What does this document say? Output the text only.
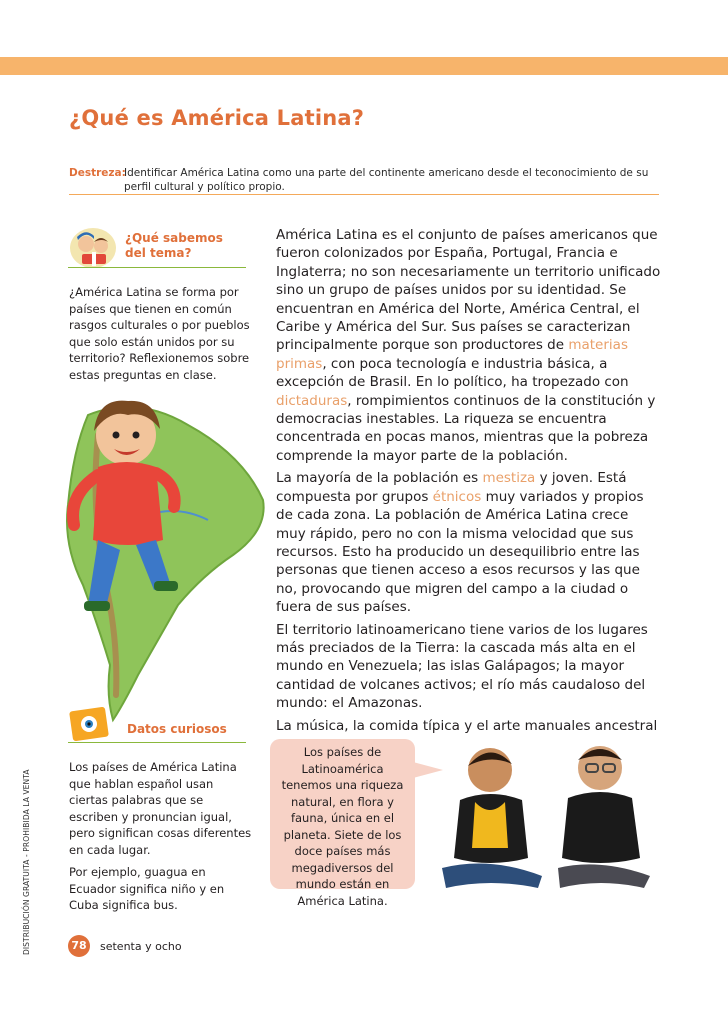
¿Qué es América Latina?
Destreza:
Identificar América Latina como una parte del continente americano desde el teconocimiento de su perfil cultural y político propio.
¿Qué sabemos
del tema?

¿América Latina se forma por países que tienen en común rasgos culturales o por pueblos que solo están unidos por su territorio? Reflexionemos sobre estas preguntas en clase.

América Latina es el conjunto de países americanos que fueron colonizados por España, Portugal, Francia e Inglaterra; no son necesariamente un territorio unificado sino un grupo de países unidos por su identidad. Se encuentran en América del Norte, América Central, el Caribe y América del Sur. Sus países se caracterizan principalmente porque son productores de materias primas, con poca tecnología e industria básica, a excepción de Brasil. En lo político, ha tropezado con dictaduras, rompimientos continuos de la constitución y democracias inestables. La riqueza se encuentra concentrada en pocas manos, mientras que la pobreza comprende la mayor parte de la población.

La mayoría de la población es mestiza y joven. Está compuesta por grupos étnicos muy variados y propios de cada zona. La población de América Latina crece muy rápido, pero no con la misma velocidad que sus recursos. Esto ha producido un desequilibrio entre las personas que tienen acceso a esos recursos y las que no, provocando que migren del campo a la ciudad o fuera de sus países.

El territorio latinoamericano tiene varios de los lugares más preciados de la Tierra: la cascada más alta en el mundo en Venezuela; las islas Galápagos; la mayor cantidad de volcanes activos; el río más caudaloso del mundo: el Amazonas.

La música, la comida típica y el arte manuales ancestral

Datos curiosos

Los países de América Latina que hablan español usan ciertas palabras que se escriben y pronuncian igual, pero significan cosas diferentes en cada lugar.

Por ejemplo, guagua en Ecuador significa niño y en Cuba significa bus.

Los países de Latinoamérica tenemos una riqueza natural, en flora y fauna, única en el planeta. Siete de los doce países más megadiversos del mundo están en América Latina.
DISTRIBUCIÓN GRATUITA - PROHIBIDA LA VENTA	78	setenta y ocho
